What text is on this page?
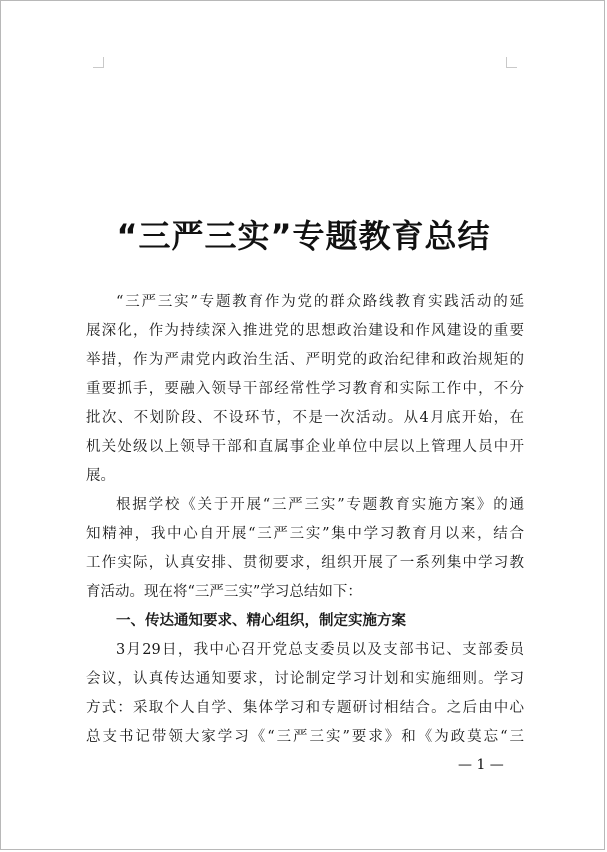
“三严三实”专题教育总结
“三严三实”专题教育作为党的群众路线教育实践活动的延
展深化，作为持续深入推进党的思想政治建设和作风建设的重要
举措，作为严肃党内政治生活、严明党的政治纪律和政治规矩的
重要抓手，要融入领导干部经常性学习教育和实际工作中，不分
批次、不划阶段、不设环节，不是一次活动。从4月底开始，在
机关处级以上领导干部和直属事企业单位中层以上管理人员中开
展。
根据学校《关于开展“三严三实”专题教育实施方案》的通
知精神，我中心自开展“三严三实”集中学习教育月以来，结合
工作实际，认真安排、贯彻要求，组织开展了一系列集中学习教
育活动。现在将“三严三实”学习总结如下：
一、传达通知要求、精心组织，制定实施方案
3月29日，我中心召开党总支委员以及支部书记、支部委员
会议，认真传达通知要求，讨论制定学习计划和实施细则。学习
方式：采取个人自学、集体学习和专题研讨相结合。之后由中心
总支书记带领大家学习《“三严三实”要求》和《为政莫忘“三
— 1 —
